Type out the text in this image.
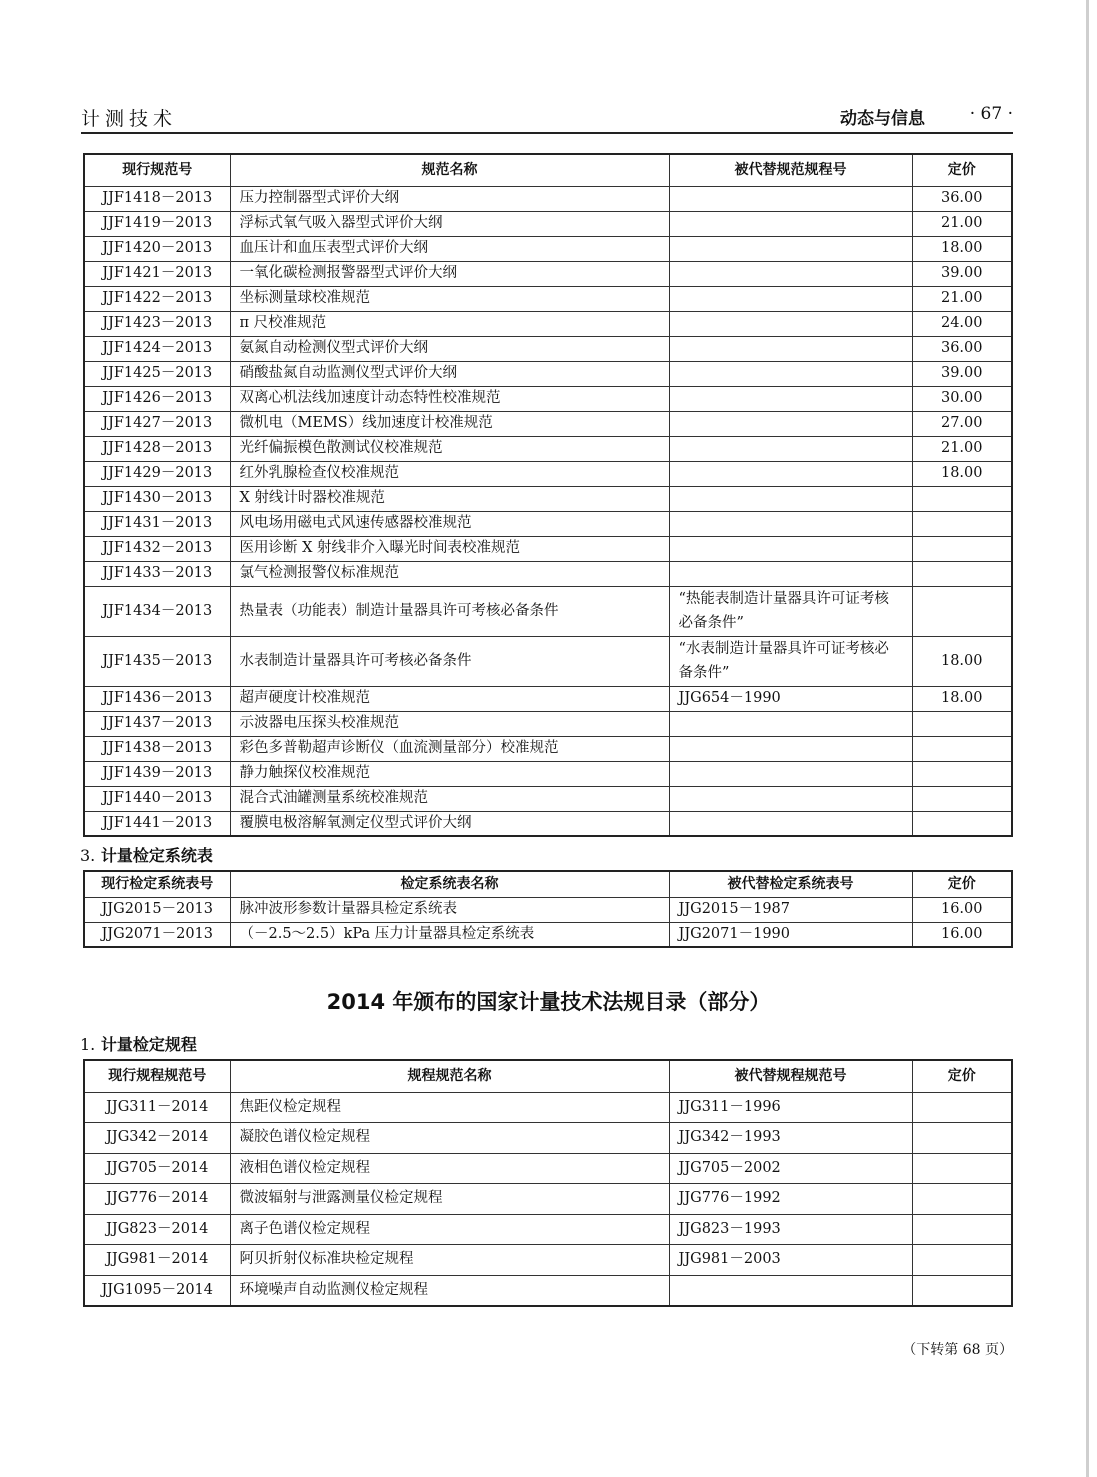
计测技术	动态与信息	· 67 ·
现行规范号	规范名称	被代替规范规程号	定价
JJF1418－2013	压力控制器型式评价大纲		36.00
JJF1419－2013	浮标式氧气吸入器型式评价大纲		21.00
JJF1420－2013	血压计和血压表型式评价大纲		18.00
JJF1421－2013	一氧化碳检测报警器型式评价大纲		39.00
JJF1422－2013	坐标测量球校准规范		21.00
JJF1423－2013	π 尺校准规范		24.00
JJF1424－2013	氨氮自动检测仪型式评价大纲		36.00
JJF1425－2013	硝酸盐氮自动监测仪型式评价大纲		39.00
JJF1426－2013	双离心机法线加速度计动态特性校准规范		30.00
JJF1427－2013	微机电（MEMS）线加速度计校准规范		27.00
JJF1428－2013	光纤偏振模色散测试仪校准规范		21.00
JJF1429－2013	红外乳腺检查仪校准规范		18.00
JJF1430－2013	X 射线计时器校准规范		
JJF1431－2013	风电场用磁电式风速传感器校准规范		
JJF1432－2013	医用诊断 X 射线非介入曝光时间表校准规范		
JJF1433－2013	氯气检测报警仪标准规范		
JJF1434－2013	热量表（功能表）制造计量器具许可考核必备条件	“热能表制造计量器具许可证考核必备条件”	
JJF1435－2013	水表制造计量器具许可考核必备条件	“水表制造计量器具许可证考核必备条件”	18.00
JJF1436－2013	超声硬度计校准规范	JJG654－1990	18.00
JJF1437－2013	示波器电压探头校准规范		
JJF1438－2013	彩色多普勒超声诊断仪（血流测量部分）校准规范		
JJF1439－2013	静力触探仪校准规范		
JJF1440－2013	混合式油罐测量系统校准规范		
JJF1441－2013	覆膜电极溶解氧测定仪型式评价大纲		
3. 计量检定系统表
现行检定系统表号	检定系统表名称	被代替检定系统表号	定价
JJG2015－2013	脉冲波形参数计量器具检定系统表	JJG2015－1987	16.00
JJG2071－2013	（－2.5～2.5）kPa 压力计量器具检定系统表	JJG2071－1990	16.00
2014 年颁布的国家计量技术法规目录（部分）
1. 计量检定规程
现行规程规范号	规程规范名称	被代替规程规范号	定价
JJG311－2014	焦距仪检定规程	JJG311－1996	
JJG342－2014	凝胶色谱仪检定规程	JJG342－1993	
JJG705－2014	液相色谱仪检定规程	JJG705－2002	
JJG776－2014	微波辐射与泄露测量仪检定规程	JJG776－1992	
JJG823－2014	离子色谱仪检定规程	JJG823－1993	
JJG981－2014	阿贝折射仪标准块检定规程	JJG981－2003	
JJG1095－2014	环境噪声自动监测仪检定规程		
（下转第 68 页）
